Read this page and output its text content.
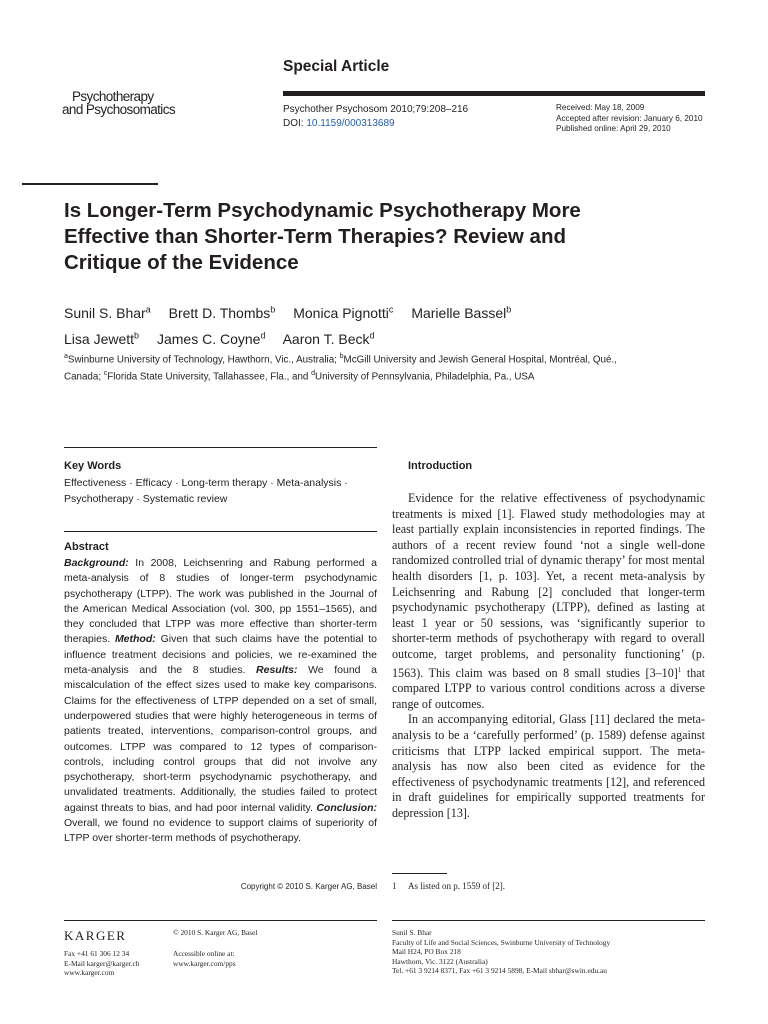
Psychotherapy
and Psychosomatics
Special Article
Psychother Psychosom 2010;79:208–216
DOI: 10.1159/000313689
Received: May 18, 2009
Accepted after revision: January 6, 2010
Published online: April 29, 2010
Is Longer-Term Psychodynamic Psychotherapy More Effective than Shorter-Term Therapies? Review and Critique of the Evidence
Sunil S. Bhar$^a$ Brett D. Thombs$^b$ Monica Pignotti$^c$ Marielle Bassel$^b$
Lisa Jewett$^b$ James C. Coyne$^d$ Aaron T. Beck$^d$
$^a$Swinburne University of Technology, Hawthorn, Vic., Australia; $^b$McGill University and Jewish General Hospital, Montréal, Qué., Canada; $^c$Florida State University, Tallahassee, Fla., and $^d$University of Pennsylvania, Philadelphia, Pa., USA
Key Words
Effectiveness · Efficacy · Long-term therapy · Meta-analysis · Psychotherapy · Systematic review
Abstract
Background: In 2008, Leichsenring and Rabung performed a meta-analysis of 8 studies of longer-term psychodynamic psychotherapy (LTPP). The work was published in the Journal of the American Medical Association (vol. 300, pp 1551–1565), and they concluded that LTPP was more effective than shorter-term therapies. Method: Given that such claims have the potential to influence treatment decisions and policies, we re-examined the meta-analysis and the 8 studies. Results: We found a miscalculation of the effect sizes used to make key comparisons. Claims for the effectiveness of LTPP depended on a set of small, underpowered studies that were highly heterogeneous in terms of patients treated, interventions, comparison-control groups, and outcomes. LTPP was compared to 12 types of comparison-controls, including control groups that did not involve any psychotherapy, short-term psychodynamic psychotherapy, and unvalidated treatments. Additionally, the studies failed to protect against threats to bias, and had poor internal validity. Conclusion: Overall, we found no evidence to support claims of superiority of LTPP over shorter-term methods of psychotherapy.
Copyright © 2010 S. Karger AG, Basel
Introduction

Evidence for the relative effectiveness of psychodynamic treatments is mixed [1]. Flawed study methodologies may at least partially explain inconsistencies in reported findings. The authors of a recent review found ‘not a single well-done randomized controlled trial of dynamic therapy’ for most mental health disorders [1, p. 103]. Yet, a recent meta-analysis by Leichsenring and Rabung [2] concluded that longer-term psychodynamic psychotherapy (LTPP), defined as lasting at least 1 year or 50 sessions, was ‘significantly superior to shorter-term methods of psychotherapy with regard to overall outcome, target problems, and personality functioning’ (p. 1563). This claim was based on 8 small studies $[3-10]^1$ that compared LTPP to various control conditions across a diverse range of outcomes.

In an accompanying editorial, Glass [11] declared the meta-analysis to be a ‘carefully performed’ (p. 1589) defense against criticisms that LTPP lacked empirical support. The meta-analysis has now also been cited as evidence for the effectiveness of psychodynamic treatments [12], and referenced in draft guidelines for empirically supported treatments for depression [13].

1 As listed on p. 1559 of [2].
KARGER
Fax +41 61 306 12 34
E-Mail karger@karger.ch
www.karger.com
© 2010 S. Karger AG, Basel
Accessible online at:
www.karger.com/pps
Sunil S. Bhar
Faculty of Life and Social Sciences, Swinburne University of Technology
Mail H24, PO Box 218
Hawthorn, Vic. 3122 (Australia)
Tel. +61 3 9214 8371, Fax +61 3 9214 5898, E-Mail sbhar@swin.edu.au
